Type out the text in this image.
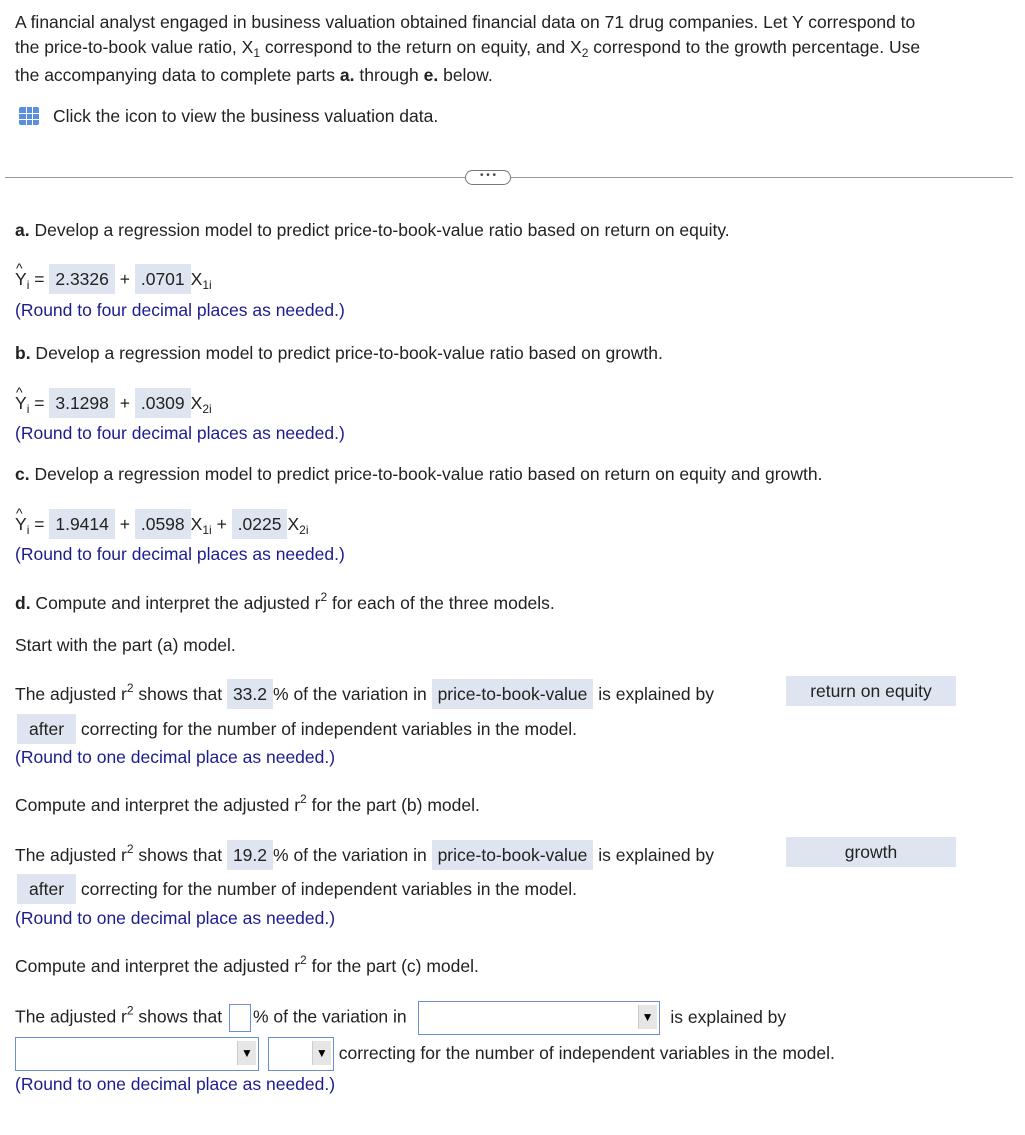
A financial analyst engaged in business valuation obtained financial data on 71 drug companies. Let Y correspond to
the price-to-book value ratio, $X_1$ correspond to the return on equity, and $X_2$ correspond to the growth percentage. Use
the accompanying data to complete parts a. through e. below.
Click the icon to view the business valuation data.
• • •
a. Develop a regression model to predict price-to-book-value ratio based on return on equity.
^ $Y_i = 2.3326 + .0701$ $X_{1i}$
(Round to four decimal places as needed.)
b. Develop a regression model to predict price-to-book-value ratio based on growth.
^ $Y_i = 3.1298 + .0309$ $X_{2i}$
(Round to four decimal places as needed.)
c. Develop a regression model to predict price-to-book-value ratio based on return on equity and growth.
^ $Y_i = 1.9414 + .0598$ $X_{1i} + .0225$ $X_{2i}$
(Round to four decimal places as needed.)
d. Compute and interpret the adjusted $r^2$ for each of the three models.
Start with the part (a) model.
The adjusted $r^2$ shows that 33.2 % of the variation in price-to-book-value is explained by	return on equity
after correcting for the number of independent variables in the model.
(Round to one decimal place as needed.)
Compute and interpret the adjusted $r^2$ for the part (b) model.
The adjusted $r^2$ shows that 19.2 % of the variation in price-to-book-value is explained by	growth
after correcting for the number of independent variables in the model.
(Round to one decimal place as needed.)
Compute and interpret the adjusted $r^2$ for the part (c) model.
The adjusted $r^2$ shows that % of the variation in	▼ is explained by
▼
	▼ correcting for the number of independent variables in the model.
(Round to one decimal place as needed.)
